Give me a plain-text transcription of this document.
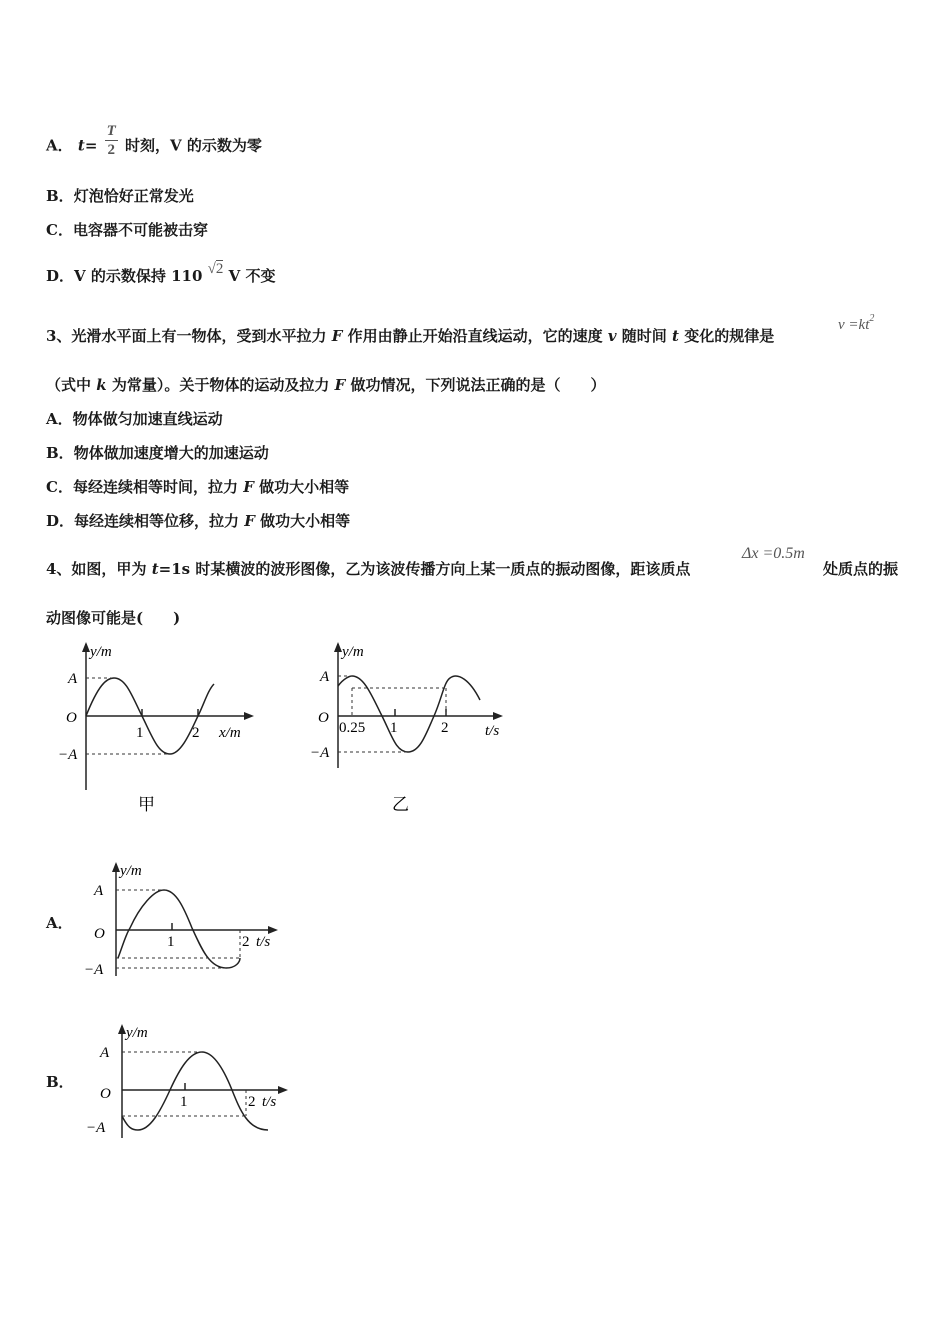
A． $t= \frac{T}{2}$ 时刻，V 的示数为零
B．灯泡恰好正常发光
C．电容器不可能被击穿
D．V 的示数保持 110 √2 V 不变
3、光滑水平面上有一物体，受到水平拉力 F 作用由静止开始沿直线运动，它的速度 v 随时间 t 变化的规律是
$v =kt^2$
（式中 k 为常量）。关于物体的运动及拉力 F 做功情况，下列说法正确的是（　　）
A．物体做匀加速直线运动
B．物体做加速度增大的加速运动
C．每经连续相等时间，拉力 F 做功大小相等
D．每经连续相等位移，拉力 F 做功大小相等
4、如图，甲为 t=1s 时某横波的波形图像，乙为该波传播方向上某一质点的振动图像，距该质点
Δx =0.5m
处质点的振
动图像可能是(　　)
y/m
A
O
−A
1	2 x/m
甲
y/m
A
O
−A
0.25 1	2 t/s
乙
A．
y/m
A
O
−A
1	2 t/s
B．
y/m
A
O
−A
1	2 t/s
